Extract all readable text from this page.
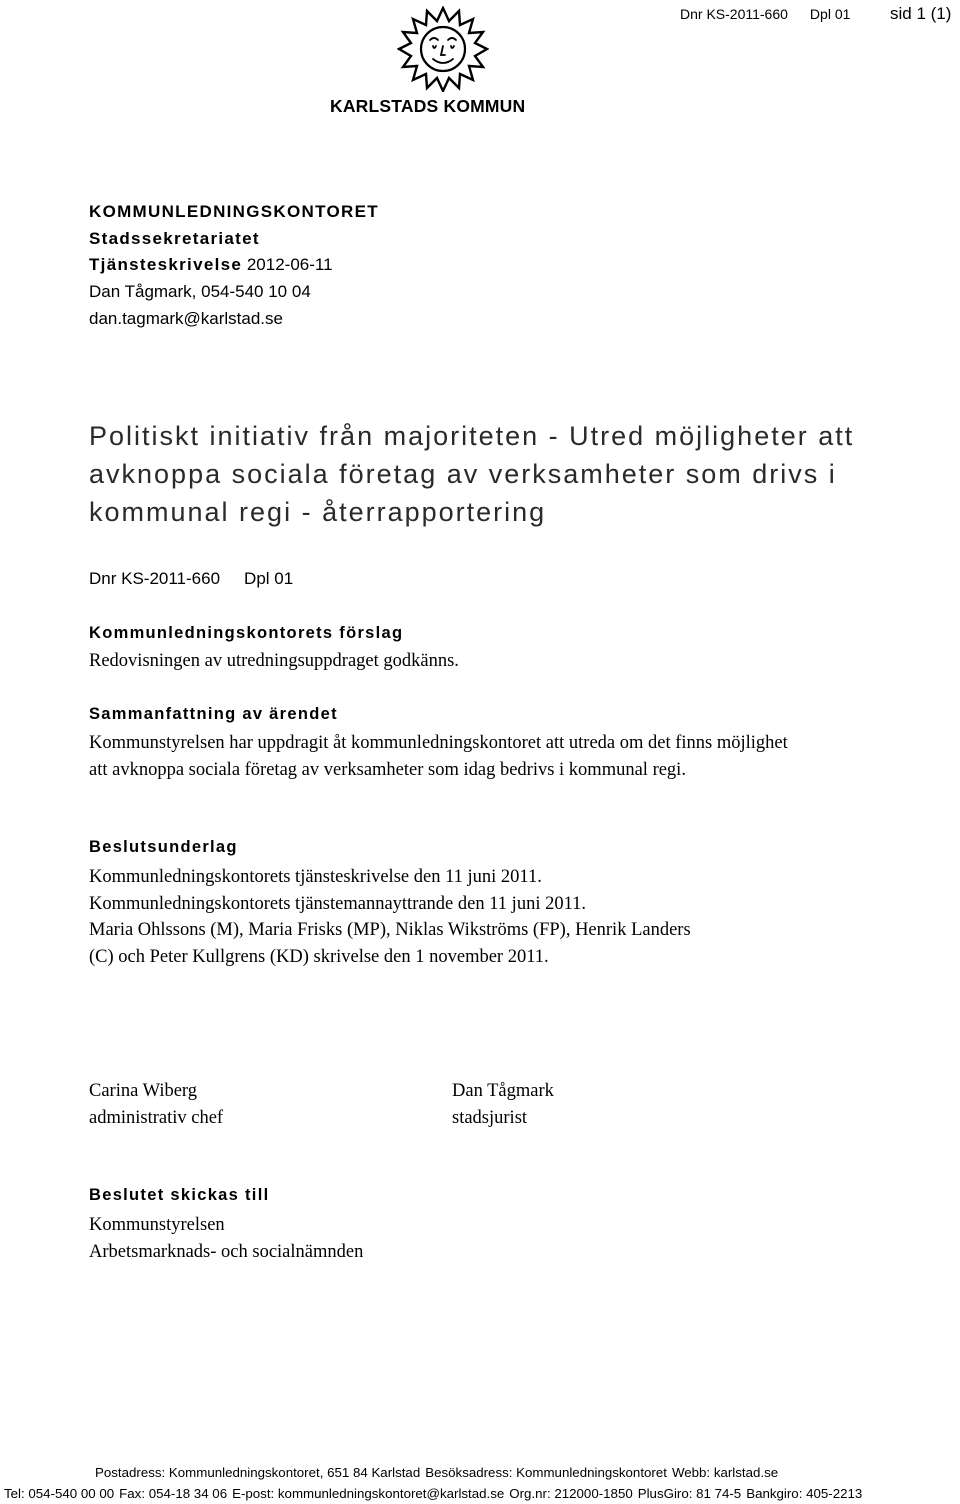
Dnr KS-2011-660 Dpl 01	sid 1 (1)
KARLSTADS KOMMUN
KOMMUNLEDNINGSKONTORET
Stadssekretariatet
Tjänsteskrivelse 2012-06-11
Dan Tågmark, 054-540 10 04
dan.tagmark@karlstad.se
Politiskt initiativ från majoriteten - Utred möjligheter att avknoppa sociala företag av verksamheter som drivs i kommunal regi - återrapportering
Dnr KS-2011-660 Dpl 01
Kommunledningskontorets förslag
Redovisningen av utredningsuppdraget godkänns.
Sammanfattning av ärendet
Kommunstyrelsen har uppdragit åt kommunledningskontoret att utreda om det finns möjlighet att avknoppa sociala företag av verksamheter som idag bedrivs i kommunal regi.
Beslutsunderlag
Kommunledningskontorets tjänsteskrivelse den 11 juni 2011.
Kommunledningskontorets tjänstemannayttrande den 11 juni 2011.
Maria Ohlssons (M), Maria Frisks (MP), Niklas Wikströms (FP), Henrik Landers
(C) och Peter Kullgrens (KD) skrivelse den 1 november 2011.
Carina Wiberg
administrativ chef
Dan Tågmark
stadsjurist
Beslutet skickas till
Kommunstyrelsen
Arbetsmarknads- och socialnämnden
Postadress: Kommunledningskontoret, 651 84 Karlstad Besöksadress: Kommunledningskontoret Webb: karlstad.se
Tel: 054-540 00 00 Fax: 054-18 34 06 E-post: kommunledningskontoret@karlstad.se Org.nr: 212000-1850 PlusGiro: 81 74-5 Bankgiro: 405-2213
